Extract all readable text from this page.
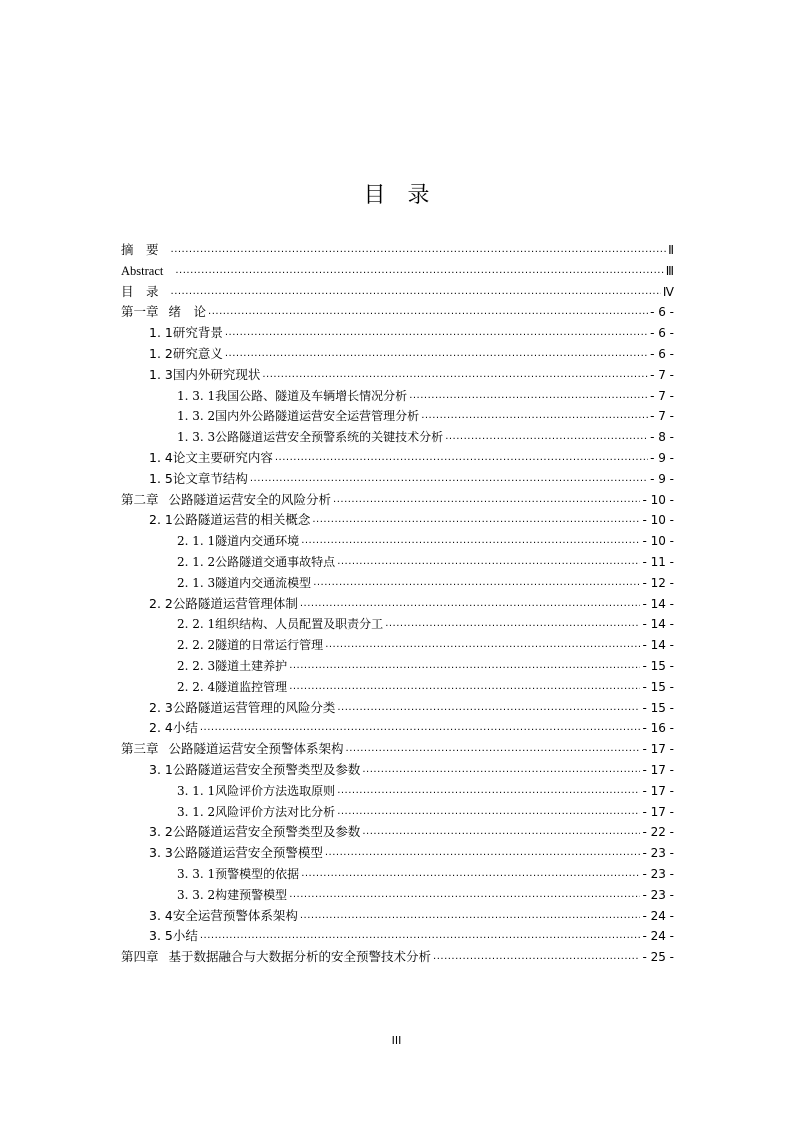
目 录
摘　要 .....	Ⅱ
Abstract .....	Ⅲ
目　录 .....	Ⅳ
第一章 绪　论 .....	- 6 -
1. 1 研究背景 .....	- 6 -
1. 2 研究意义 .....	- 6 -
1. 3 国内外研究现状 .....	- 7 -
1. 3. 1 我国公路、隧道及车辆增长情况分析 .....	- 7 -
1. 3. 2 国内外公路隧道运营安全运营管理分析 .....	- 7 -
1. 3. 3 公路隧道运营安全预警系统的关键技术分析 .....	- 8 -
1. 4 论文主要研究内容 .....	- 9 -
1. 5 论文章节结构 .....	- 9 -
第二章 公路隧道运营安全的风险分析 .....	- 10 -
2. 1 公路隧道运营的相关概念 .....	- 10 -
2. 1. 1 隧道内交通环境 .....	- 10 -
2. 1. 2 公路隧道交通事故特点 .....	- 11 -
2. 1. 3 隧道内交通流模型 .....	- 12 -
2. 2 公路隧道运营管理体制 .....	- 14 -
2. 2. 1 组织结构、人员配置及职责分工 .....	- 14 -
2. 2. 2 隧道的日常运行管理 .....	- 14 -
2. 2. 3 隧道土建养护 .....	- 15 -
2. 2. 4 隧道监控管理 .....	- 15 -
2. 3 公路隧道运营管理的风险分类 .....	- 15 -
2. 4 小结 .....	- 16 -
第三章 公路隧道运营安全预警体系架构 .....	- 17 -
3. 1 公路隧道运营安全预警类型及参数 .....	- 17 -
3. 1. 1 风险评价方法选取原则 .....	- 17 -
3. 1. 2 风险评价方法对比分析 .....	- 17 -
3. 2 公路隧道运营安全预警类型及参数 .....	- 22 -
3. 3 公路隧道运营安全预警模型 .....	- 23 -
3. 3. 1 预警模型的依据 .....	- 23 -
3. 3. 2 构建预警模型 .....	- 23 -
3. 4 安全运营预警体系架构 .....	- 24 -
3. 5 小结 .....	- 24 -
第四章 基于数据融合与大数据分析的安全预警技术分析 .....	- 25 -
III
